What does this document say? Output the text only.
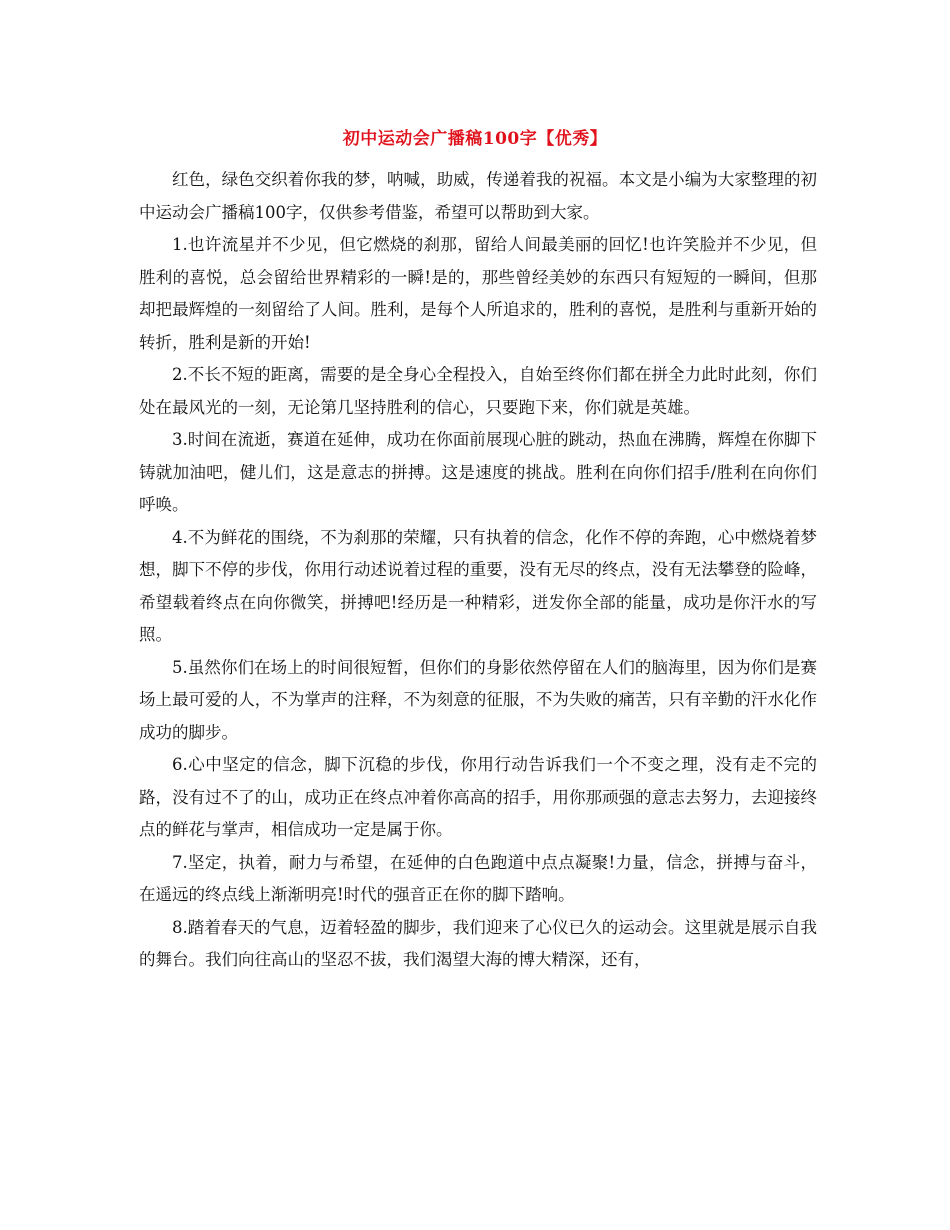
初中运动会广播稿100字【优秀】

红色，绿色交织着你我的梦，呐喊，助威，传递着我的祝福。本文是小编为大家整理的初中运动会广播稿100字，仅供参考借鉴，希望可以帮助到大家。

1.也许流星并不少见，但它燃烧的刹那，留给人间最美丽的回忆!也许笑脸并不少见，但胜利的喜悦，总会留给世界精彩的一瞬!是的，那些曾经美妙的东西只有短短的一瞬间，但那却把最辉煌的一刻留给了人间。胜利，是每个人所追求的，胜利的喜悦，是胜利与重新开始的转折，胜利是新的开始!

2.不长不短的距离，需要的是全身心全程投入，自始至终你们都在拼全力此时此刻，你们处在最风光的一刻，无论第几坚持胜利的信心，只要跑下来，你们就是英雄。

3.时间在流逝，赛道在延伸，成功在你面前展现心脏的跳动，热血在沸腾，辉煌在你脚下铸就加油吧，健儿们，这是意志的拼搏。这是速度的挑战。胜利在向你们招手/胜利在向你们呼唤。

4.不为鲜花的围绕，不为刹那的荣耀，只有执着的信念，化作不停的奔跑，心中燃烧着梦想，脚下不停的步伐，你用行动述说着过程的重要，没有无尽的终点，没有无法攀登的险峰，希望载着终点在向你微笑，拼搏吧!经历是一种精彩，迸发你全部的能量，成功是你汗水的写照。

5.虽然你们在场上的时间很短暂，但你们的身影依然停留在人们的脑海里，因为你们是赛场上最可爱的人，不为掌声的注释，不为刻意的征服，不为失败的痛苦，只有辛勤的汗水化作成功的脚步。

6.心中坚定的信念，脚下沉稳的步伐，你用行动告诉我们一个不变之理，没有走不完的路，没有过不了的山，成功正在终点冲着你高高的招手，用你那顽强的意志去努力，去迎接终点的鲜花与掌声，相信成功一定是属于你。

7.坚定，执着，耐力与希望，在延伸的白色跑道中点点凝聚!力量，信念，拼搏与奋斗，在遥远的终点线上渐渐明亮!时代的强音正在你的脚下踏响。

8.踏着春天的气息，迈着轻盈的脚步，我们迎来了心仪已久的运动会。这里就是展示自我的舞台。我们向往高山的坚忍不拔，我们渴望大海的博大精深，还有，
